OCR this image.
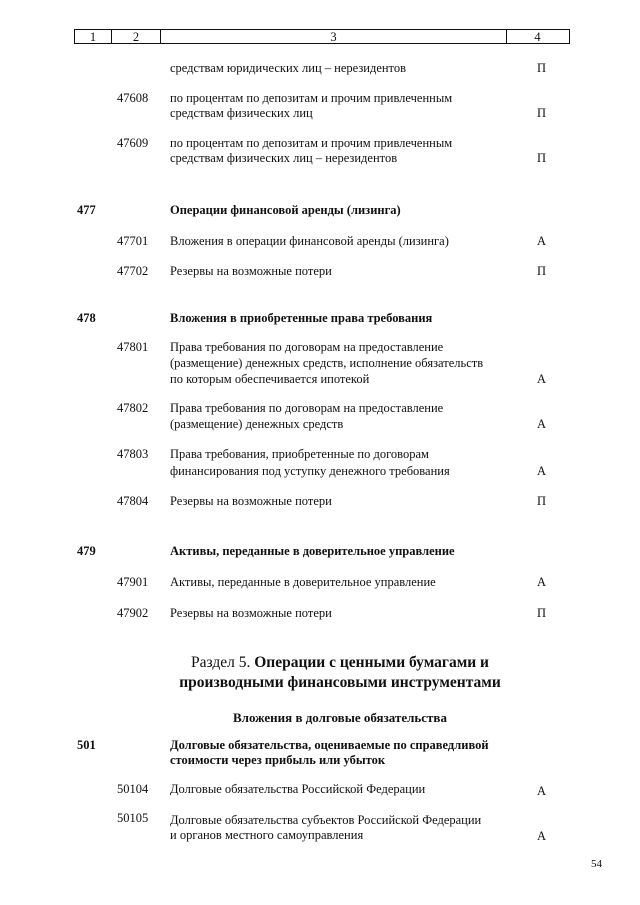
1	2	3	4
средствам юридических лиц – нерезидентов	П
47608 по процентам по депозитам и прочим привлеченным
средствам физических лиц	П
47609 по процентам по депозитам и прочим привлеченным
средствам физических лиц – нерезидентов	П
477	Операции финансовой аренды (лизинга)
47701 Вложения в операции финансовой аренды (лизинга)	А
47702 Резервы на возможные потери	П
478	Вложения в приобретенные права требования
47801 Права требования по договорам на предоставление
(размещение) денежных средств, исполнение обязательств
по которым обеспечивается ипотекой	А
47802 Права требования по договорам на предоставление
(размещение) денежных средств	А
47803 Права требования, приобретенные по договорам
финансирования под уступку денежного требования	А
47804 Резервы на возможные потери	П
479	Активы, переданные в доверительное управление
47901 Активы, переданные в доверительное управление	А
47902 Резервы на возможные потери	П
Раздел 5. Операции с ценными бумагами и
производными финансовыми инструментами
Вложения в долговые обязательства
501	Долговые обязательства, оцениваемые по справедливой
стоимости через прибыль или убыток
50104 Долговые обязательства Российской Федерации	А
50105 Долговые обязательства субъектов Российской Федерации
и органов местного самоуправления	А
54
